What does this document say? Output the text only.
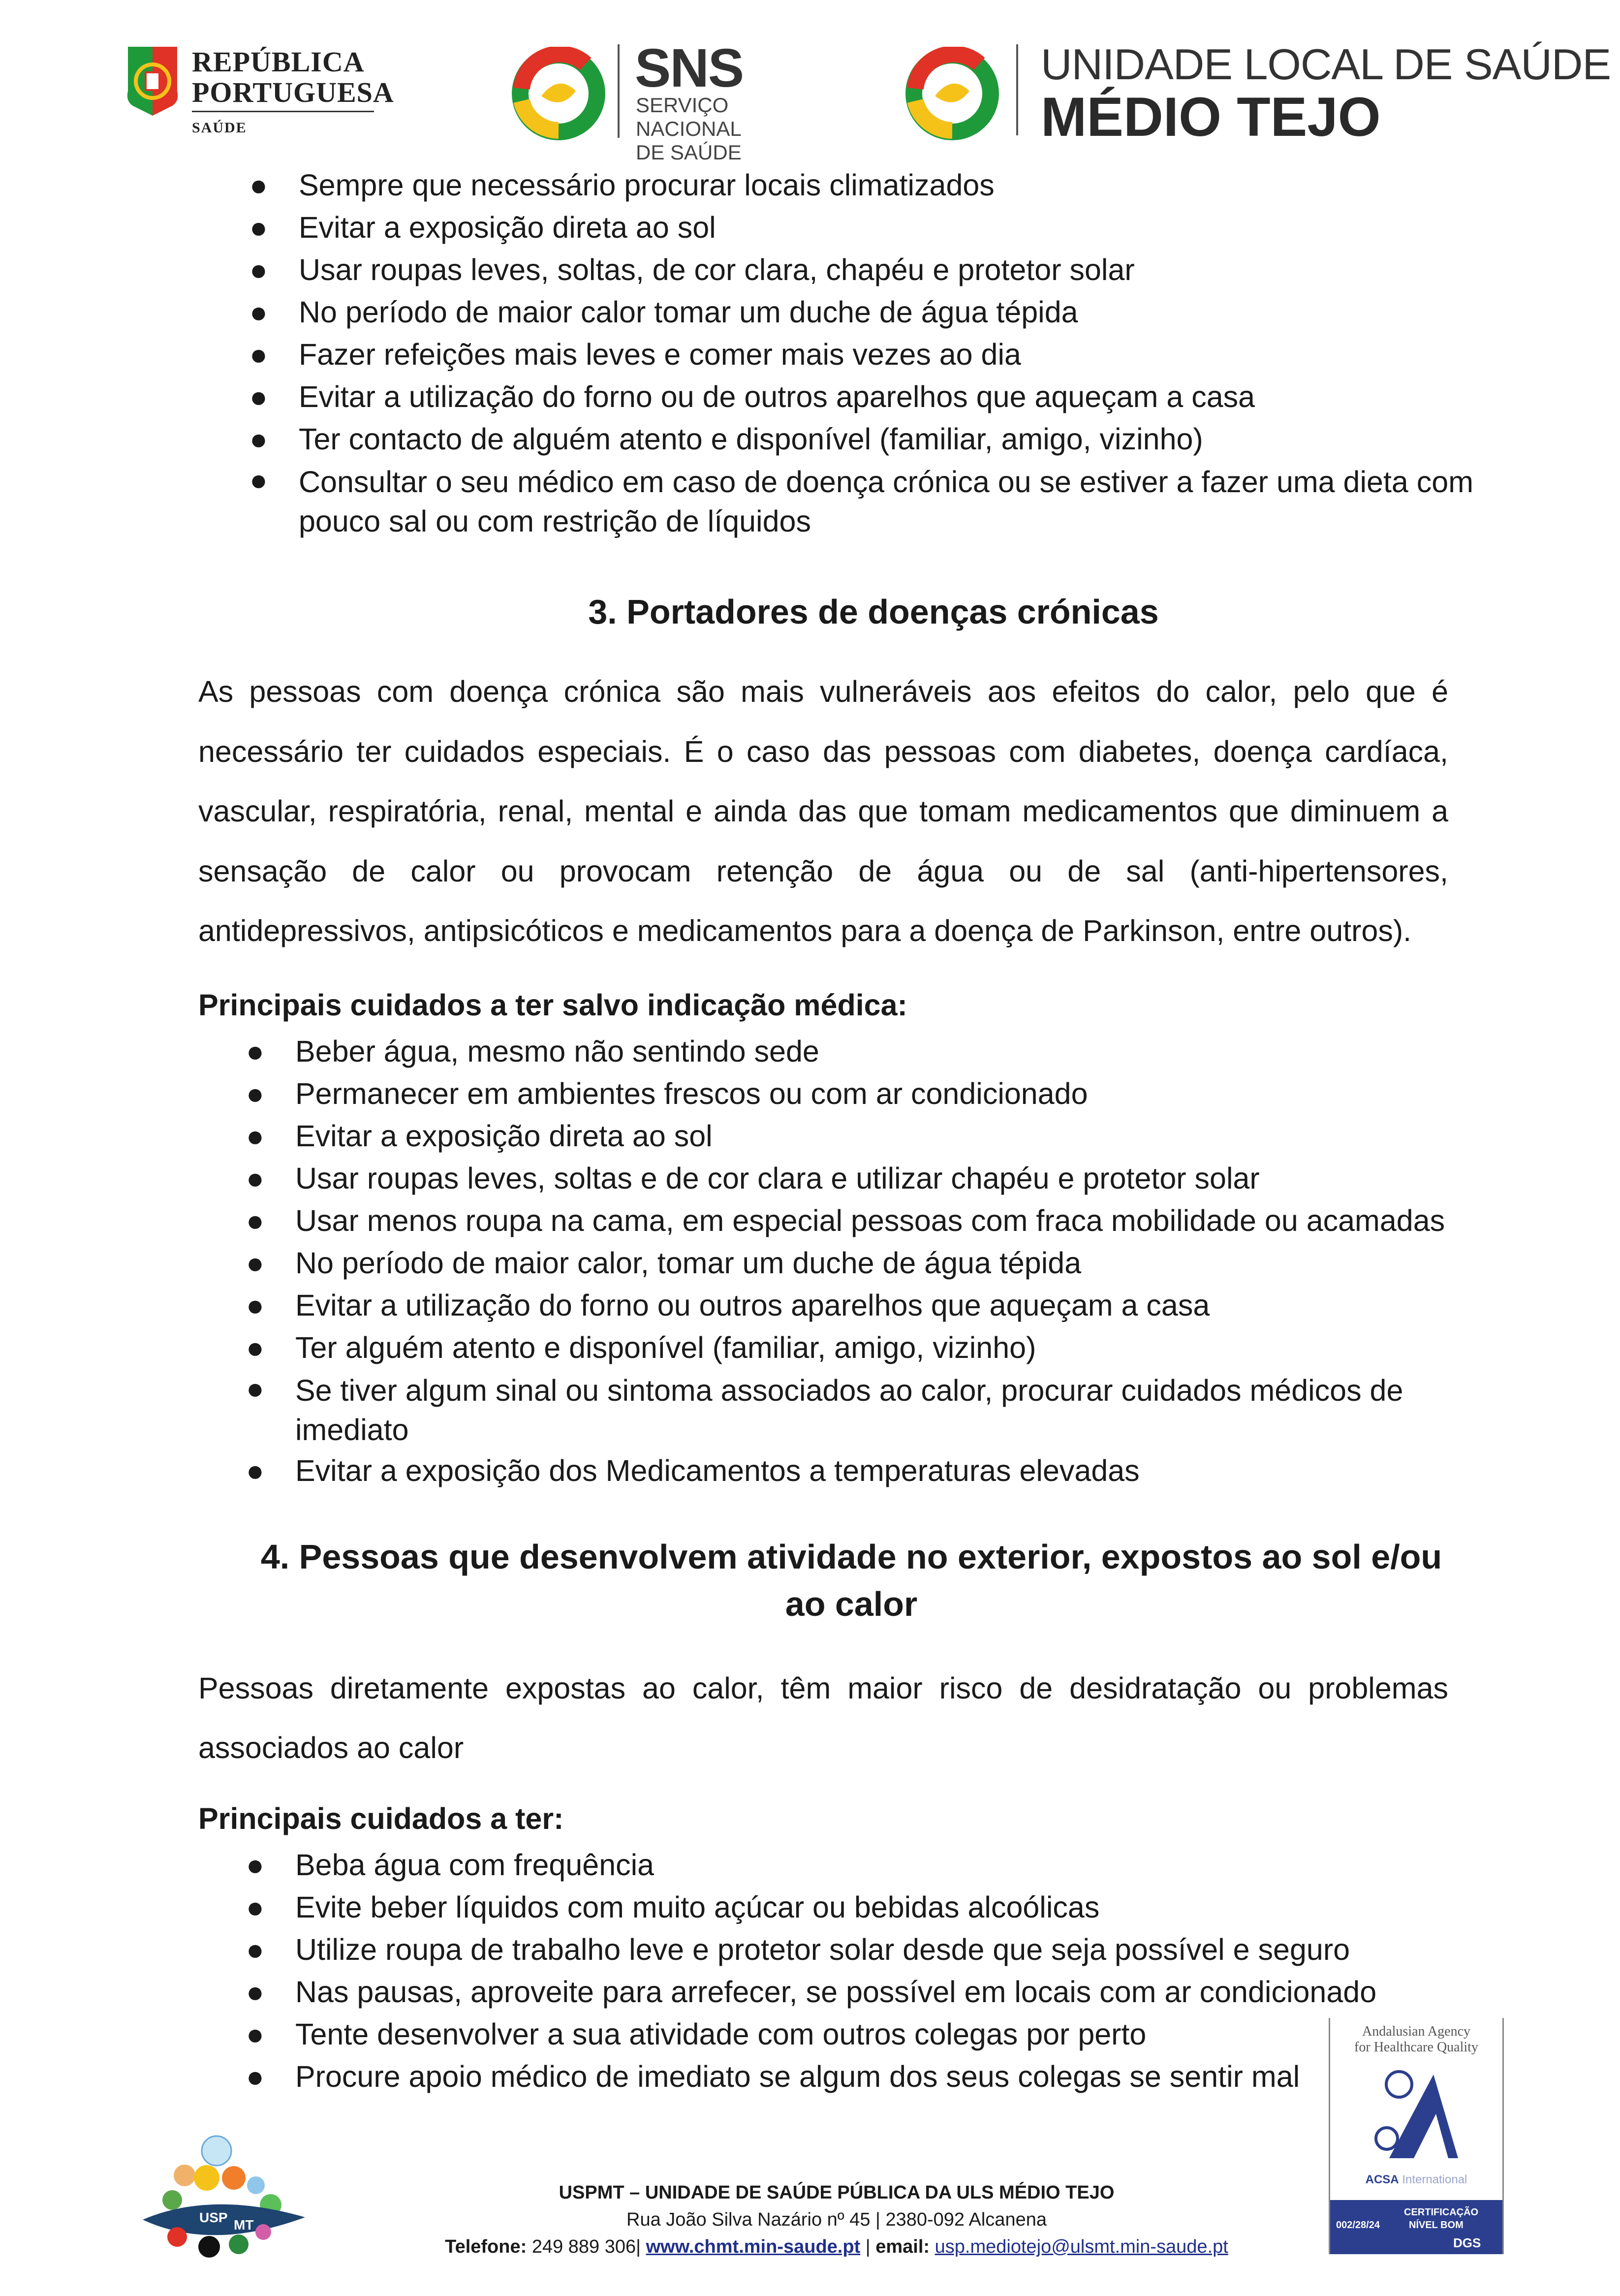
REPÚBLICA
PORTUGUESA
SAÚDE
SNS
SERVIÇO NACIONAL
DE SAÚDE
UNIDADE LOCAL DE SAÚDE
MÉDIO TEJO
● Sempre que necessário procurar locais climatizados
● Evitar a exposição direta ao sol
● Usar roupas leves, soltas, de cor clara, chapéu e protetor solar
● No período de maior calor tomar um duche de água tépida
● Fazer refeições mais leves e comer mais vezes ao dia
● Evitar a utilização do forno ou de outros aparelhos que aqueçam a casa
● Ter contacto de alguém atento e disponível (familiar, amigo, vizinho)
● Consultar o seu médico em caso de doença crónica ou se estiver a fazer uma dieta com pouco sal ou com restrição de líquidos
3. Portadores de doenças crónicas
As pessoas com doença crónica são mais vulneráveis aos efeitos do calor, pelo que é necessário ter cuidados especiais. É o caso das pessoas com diabetes, doença cardíaca, vascular, respiratória, renal, mental e ainda das que tomam medicamentos que diminuem a sensação de calor ou provocam retenção de água ou de sal (anti-hipertensores, antidepressivos, antipsicóticos e medicamentos para a doença de Parkinson, entre outros).
Principais cuidados a ter salvo indicação médica:
● Beber água, mesmo não sentindo sede
● Permanecer em ambientes frescos ou com ar condicionado
● Evitar a exposição direta ao sol
● Usar roupas leves, soltas e de cor clara e utilizar chapéu e protetor solar
● Usar menos roupa na cama, em especial pessoas com fraca mobilidade ou acamadas
● No período de maior calor, tomar um duche de água tépida
● Evitar a utilização do forno ou outros aparelhos que aqueçam a casa
● Ter alguém atento e disponível (familiar, amigo, vizinho)
● Se tiver algum sinal ou sintoma associados ao calor, procurar cuidados médicos de imediato
● Evitar a exposição dos Medicamentos a temperaturas elevadas
4. Pessoas que desenvolvem atividade no exterior, expostos ao sol e/ou ao calor
Pessoas diretamente expostas ao calor, têm maior risco de desidratação ou problemas associados ao calor
Principais cuidados a ter:
● Beba água com frequência
● Evite beber líquidos com muito açúcar ou bebidas alcoólicas
● Utilize roupa de trabalho leve e protetor solar desde que seja possível e seguro
● Nas pausas, aproveite para arrefecer, se possível em locais com ar condicionado
● Tente desenvolver a sua atividade com outros colegas por perto
● Procure apoio médico de imediato se algum dos seus colegas se sentir mal
USP MT
USPMT – UNIDADE DE SAÚDE PÚBLICA DA ULS MÉDIO TEJO
Rua João Silva Nazário nº 45 | 2380-092 Alcanena
Telefone: 249 889 306| www.chmt.min-saude.pt | email: usp.mediotejo@ulsmt.min-saude.pt
Andalusian Agency
for Healthcare Quality
ACSA International
002/28/24
CERTIFICAÇÃO
NÍVEL BOM
DGS
